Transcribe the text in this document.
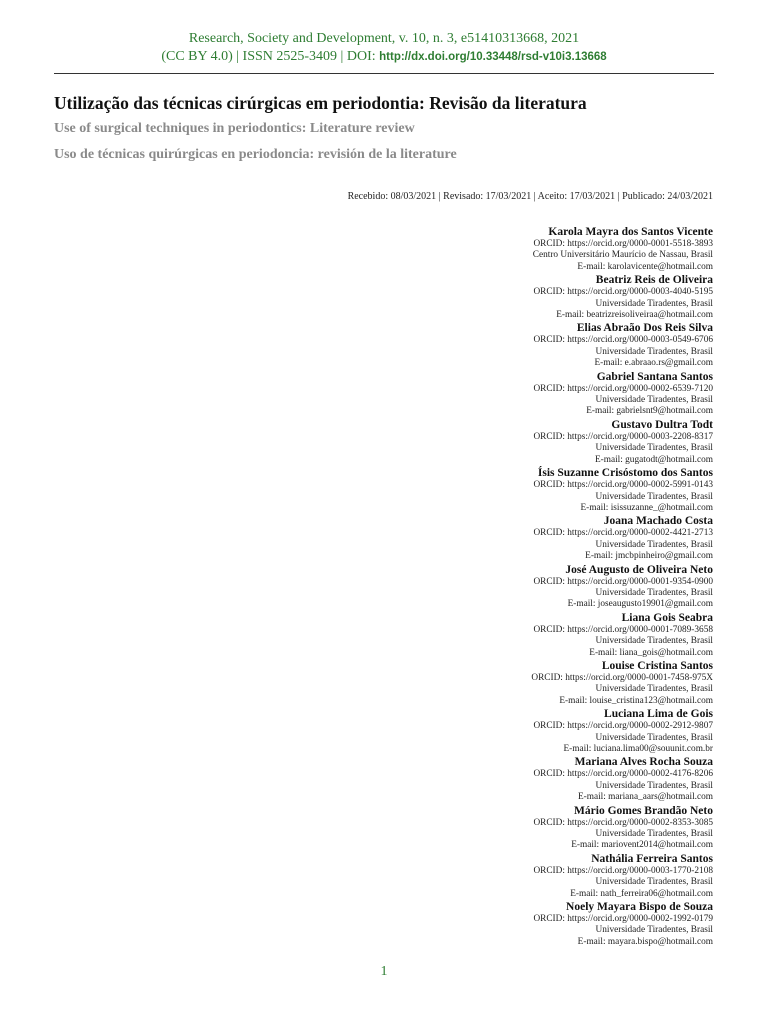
Research, Society and Development, v. 10, n. 3, e51410313668, 2021
(CC BY 4.0) | ISSN 2525-3409 | DOI: http://dx.doi.org/10.33448/rsd-v10i3.13668
Utilização das técnicas cirúrgicas em periodontia: Revisão da literatura
Use of surgical techniques in periodontics: Literature review
Uso de técnicas quirúrgicas en periodoncia: revisión de la literature
Recebido: 08/03/2021 | Revisado: 17/03/2021 | Aceito: 17/03/2021 | Publicado: 24/03/2021
Karola Mayra dos Santos Vicente
ORCID: https://orcid.org/0000-0001-5518-3893
Centro Universitário Maurício de Nassau, Brasil
E-mail: karolavicente@hotmail.com
Beatriz Reis de Oliveira
ORCID: https://orcid.org/0000-0003-4040-5195
Universidade Tiradentes, Brasil
E-mail: beatrizreisoliveiraa@hotmail.com
Elias Abraão Dos Reis Silva
ORCID: https://orcid.org/0000-0003-0549-6706
Universidade Tiradentes, Brasil
E-mail: e.abraao.rs@gmail.com
Gabriel Santana Santos
ORCID: https://orcid.org/0000-0002-6539-7120
Universidade Tiradentes, Brasil
E-mail: gabrielsnt9@hotmail.com
Gustavo Dultra Todt
ORCID: https://orcid.org/0000-0003-2208-8317
Universidade Tiradentes, Brasil
E-mail: gugatodt@hotmail.com
Ísis Suzanne Crisóstomo dos Santos
ORCID: https://orcid.org/0000-0002-5991-0143
Universidade Tiradentes, Brasil
E-mail: isissuzanne_@hotmail.com
Joana Machado Costa
ORCID: https://orcid.org/0000-0002-4421-2713
Universidade Tiradentes, Brasil
E-mail: jmcbpinheiro@gmail.com
José Augusto de Oliveira Neto
ORCID: https://orcid.org/0000-0001-9354-0900
Universidade Tiradentes, Brasil
E-mail: joseaugusto19901@gmail.com
Liana Gois Seabra
ORCID: https://orcid.org/0000-0001-7089-3658
Universidade Tiradentes, Brasil
E-mail: liana_gois@hotmail.com
Louise Cristina Santos
ORCID: https://orcid.org/0000-0001-7458-975X
Universidade Tiradentes, Brasil
E-mail: louise_cristina123@hotmail.com
Luciana Lima de Gois
ORCID: https://orcid.org/0000-0002-2912-9807
Universidade Tiradentes, Brasil
E-mail: luciana.lima00@souunit.com.br
Mariana Alves Rocha Souza
ORCID: https://orcid.org/0000-0002-4176-8206
Universidade Tiradentes, Brasil
E-mail: mariana_aars@hotmail.com
Mário Gomes Brandão Neto
ORCID: https://orcid.org/0000-0002-8353-3085
Universidade Tiradentes, Brasil
E-mail: mariovent2014@hotmail.com
Nathália Ferreira Santos
ORCID: https://orcid.org/0000-0003-1770-2108
Universidade Tiradentes, Brasil
E-mail: nath_ferreira06@hotmail.com
Noely Mayara Bispo de Souza
ORCID: https://orcid.org/0000-0002-1992-0179
Universidade Tiradentes, Brasil
E-mail: mayara.bispo@hotmail.com
1
